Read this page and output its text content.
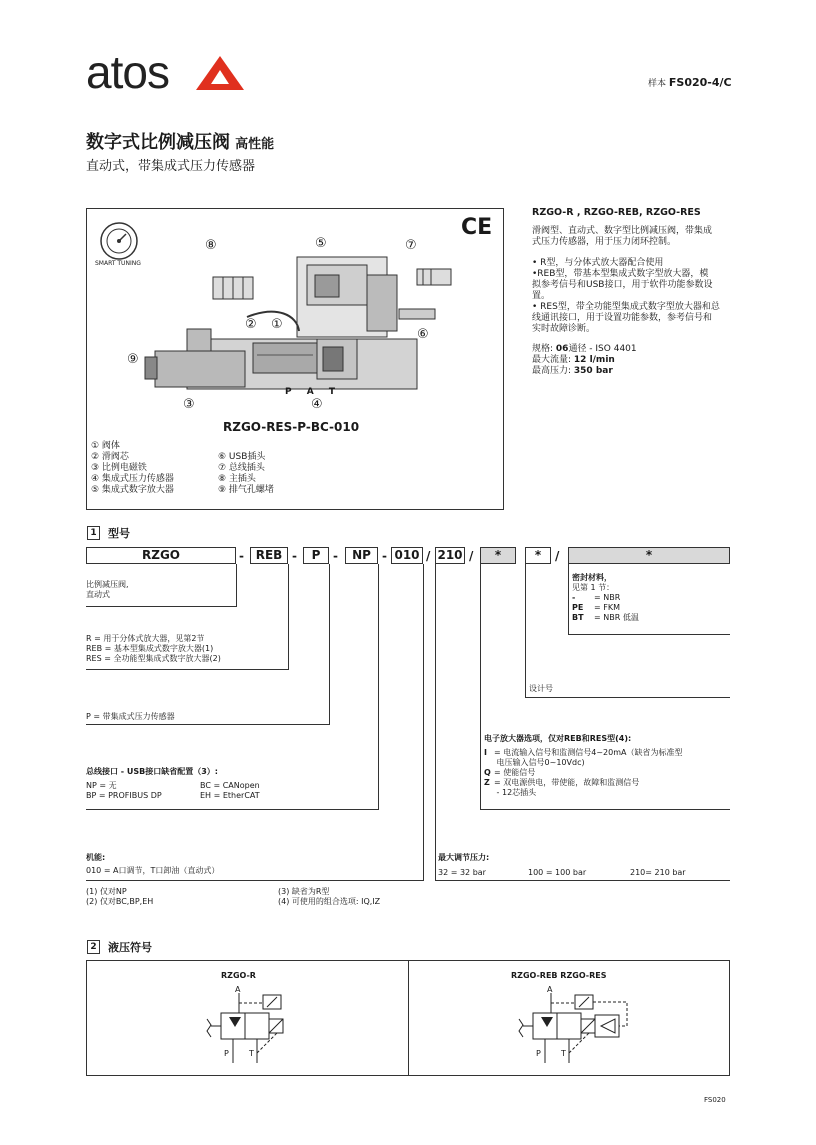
atos	样本 FS020-4/C
数字式比例减压阀 高性能
直动式，带集成式压力传感器
SMART TUNING
CE
⑧	⑤	⑦
② ①
⑥
⑨
③	④
P A T
RZGO-RES-P-BC-010
① 阀体
② 滑阀芯
③ 比例电磁铁
④ 集成式压力传感器
⑤ 集成式数字放大器
⑥ USB插头
⑦ 总线插头
⑧ 主插头
⑨ 排气孔螺堵
RZGO-R , RZGO-REB, RZGO-RES
滑阀型、直动式、数字型比例减压阀，带集成
式压力传感器，用于压力闭环控制。
• R型，与分体式放大器配合使用
•REB型，带基本型集成式数字型放大器，模
拟参考信号和USB接口，用于软件功能参数设
置。
• RES型，带全功能型集成式数字型放大器和总
线通讯接口，用于设置功能参数，参考信号和
实时故障诊断。
规格: 06通径 - ISO 4401
最大流量: 12 l/min
最高压力: 350 bar
1	型号
RZGO	- REB -	P	-	NP - 010 / 210 /	*	*	/	*
比例减压阀,
直动式
R = 用于分体式放大器，见第2节
REB = 基本型集成式数字放大器(1)
RES = 全功能型集成式数字放大器(2)
P = 带集成式压力传感器
总线接口 - USB接口缺省配置（3）:
NP = 无
BP = PROFIBUS DP
BC = CANopen
EH = EtherCAT
机能:
010 = A口调节，T口卸油（直动式）
密封材料，
见第 1 节：
- = NBR
PE = FKM
BT = NBR 低温
设计号
电子放大器选项，仅对REB和RES型(4):
I = 电流输入信号和监测信号4~20mA（缺省为标准型
电压输入信号0~10Vdc)
Q = 使能信号
Z = 双电源供电，带使能，故障和监测信号
- 12芯插头
最大调节压力:
32 = 32 bar	100 = 100 bar	210= 210 bar
(1) 仅对NP
(2) 仅对BC,BP,EH
(3) 缺省为R型
(4) 可使用的组合选项: IQ,IZ
2	液压符号
RZGO-R	RZGO-REB RZGO-RES
A
P	T
A
P	T
FS020
